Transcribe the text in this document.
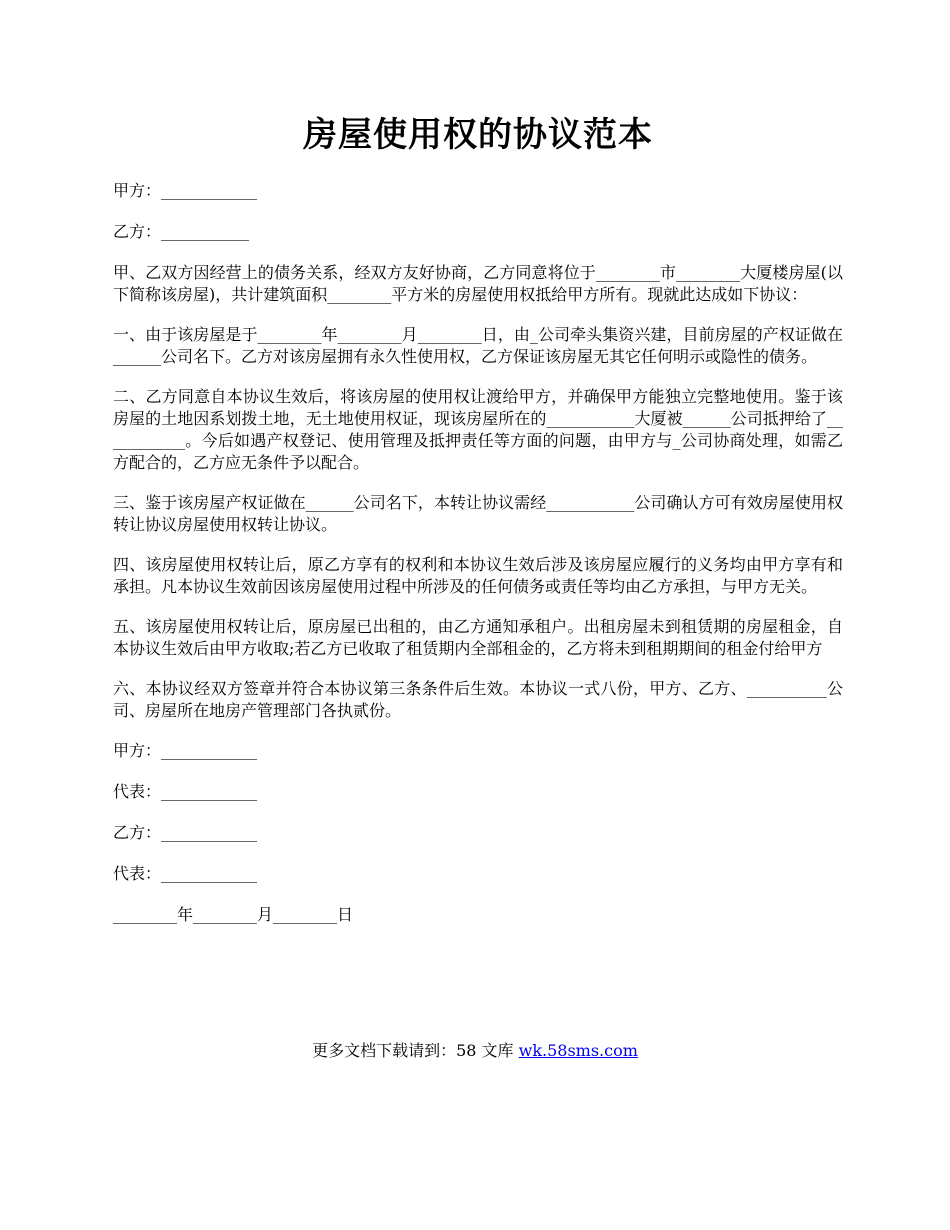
房屋使用权的协议范本
甲方：____________
乙方：___________
甲、乙双方因经营上的债务关系，经双方友好协商，乙方同意将位于________市________大厦楼房屋(以下简称该房屋)，共计建筑面积________平方米的房屋使用权抵给甲方所有。现就此达成如下协议：
一、由于该房屋是于________年________月________日，由_公司牵头集资兴建，目前房屋的产权证做在______公司名下。乙方对该房屋拥有永久性使用权，乙方保证该房屋无其它任何明示或隐性的债务。
二、乙方同意自本协议生效后，将该房屋的使用权让渡给甲方，并确保甲方能独立完整地使用。鉴于该房屋的土地因系划拨土地，无土地使用权证，现该房屋所在的___________大厦被______公司抵押给了___________。今后如遇产权登记、使用管理及抵押责任等方面的问题，由甲方与_公司协商处理，如需乙方配合的，乙方应无条件予以配合。
三、鉴于该房屋产权证做在______公司名下，本转让协议需经___________公司确认方可有效房屋使用权转让协议房屋使用权转让协议。
四、该房屋使用权转让后，原乙方享有的权利和本协议生效后涉及该房屋应履行的义务均由甲方享有和承担。凡本协议生效前因该房屋使用过程中所涉及的任何债务或责任等均由乙方承担，与甲方无关。
五、该房屋使用权转让后，原房屋已出租的，由乙方通知承租户。出租房屋未到租赁期的房屋租金，自本协议生效后由甲方收取;若乙方已收取了租赁期内全部租金的，乙方将未到租期期间的租金付给甲方
六、本协议经双方签章并符合本协议第三条条件后生效。本协议一式八份，甲方、乙方、__________公司、房屋所在地房产管理部门各执贰份。
甲方：____________
代表：____________
乙方：____________
代表：____________
________年________月________日
更多文档下载请到：58 文库 wk.58sms.com
